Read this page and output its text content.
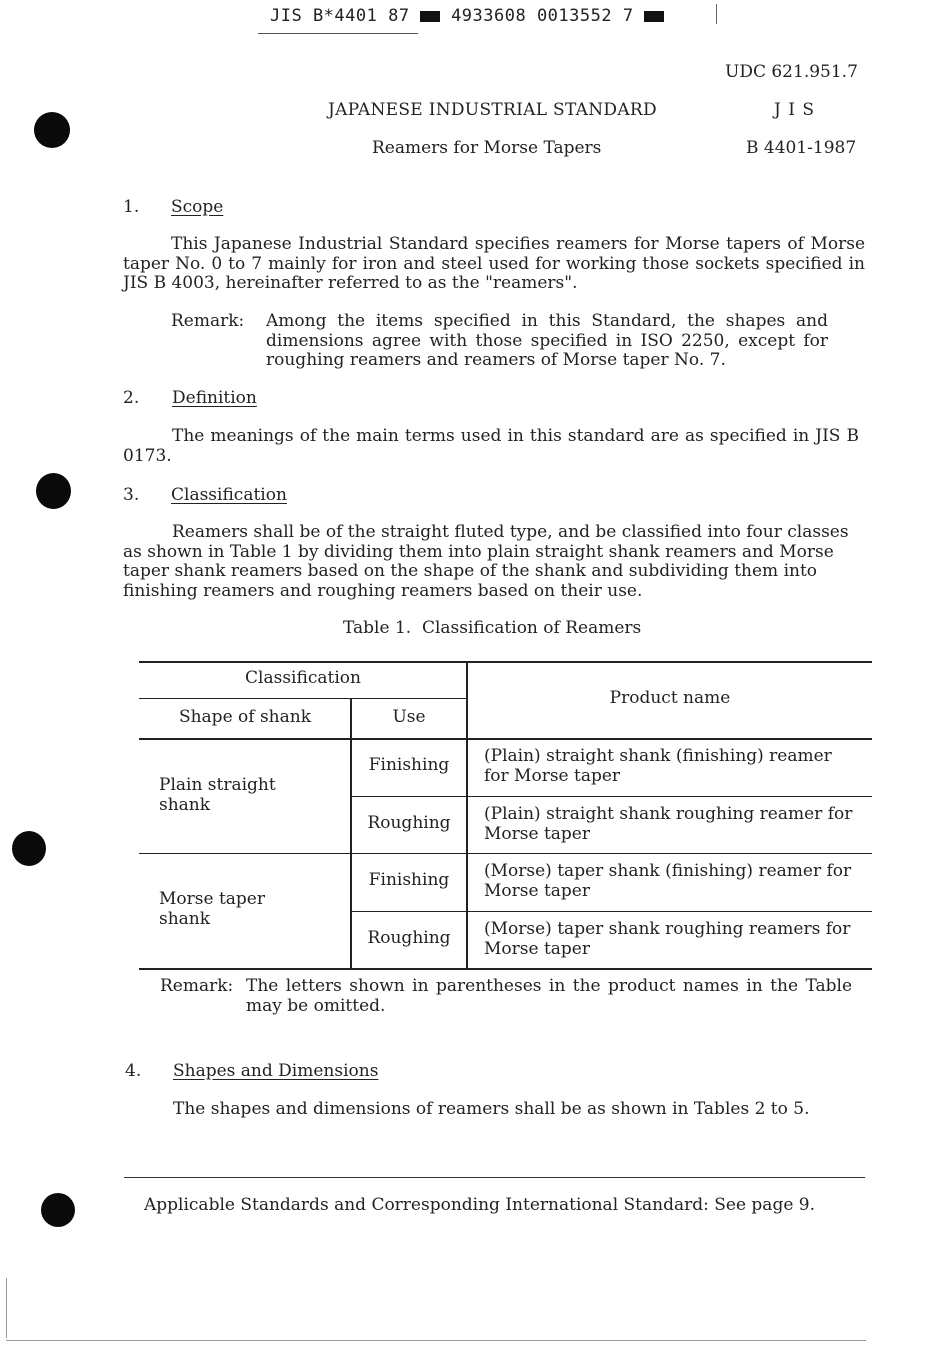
JIS B*4401 87 4933608 0013552 7
UDC 621.951.7
JAPANESE INDUSTRIAL STANDARD	J I S
Reamers for Morse Tapers	B 4401-1987
1. Scope
This Japanese Industrial Standard specifies reamers for Morse tapers of Morse taper No. 0 to 7 mainly for iron and steel used for working those sockets specified in JIS B 4003, hereinafter referred to as the "reamers".
Remark: Among the items specified in this Standard, the shapes and dimensions agree with those specified in ISO 2250, except for roughing reamers and reamers of Morse taper No. 7.
2. Definition
The meanings of the main terms used in this standard are as specified in JIS B 0173.
3. Classification
Reamers shall be of the straight fluted type, and be classified into four classes as shown in Table 1 by dividing them into plain straight shank reamers and Morse taper shank reamers based on the shape of the shank and subdividing them into finishing reamers and roughing reamers based on their use.
Table 1.  Classification of Reamers
Classification
Shape of shank	Use
Product name
Plain straight shank
Finishing	(Plain) straight shank (finishing) reamer for Morse taper
Roughing	(Plain) straight shank roughing reamer for Morse taper
Morse taper shank
Finishing	(Morse) taper shank (finishing) reamer for Morse taper
Roughing	(Morse) taper shank roughing reamers for Morse taper
Remark: The letters shown in parentheses in the product names in the Table may be omitted.
4. Shapes and Dimensions
The shapes and dimensions of reamers shall be as shown in Tables 2 to 5.
Applicable Standards and Corresponding International Standard: See page 9.
